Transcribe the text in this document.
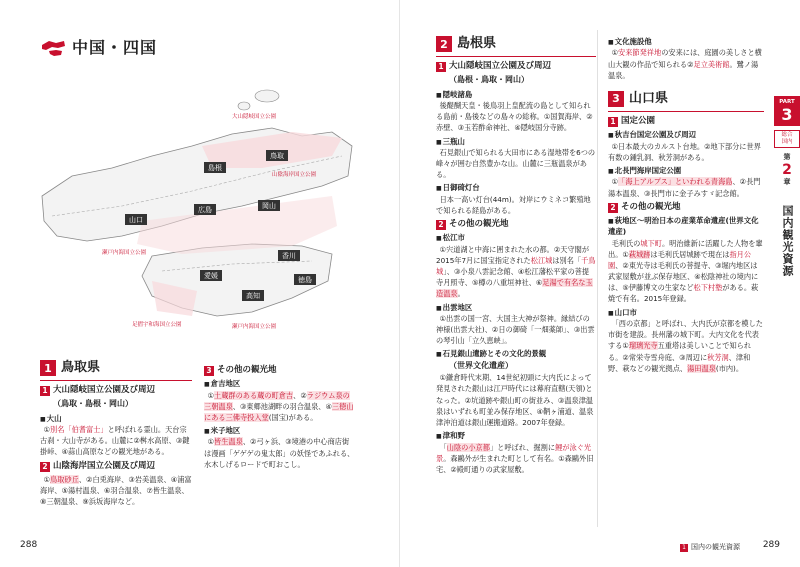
中国・四国
鳥取
島根
岡山
広島
山口
香川
徳島
愛媛
高知
大山隠岐国立公園
山陰海岸国立公園
瀬戸内海国立公園
足摺宇和海国立公園	瀬戸内海国立公園
1 鳥取県
1 大山隠岐国立公園及び周辺
（鳥取・島根・岡山）
■ 大山

①別名「伯耆富士」と呼ばれる霊山。天台宗古刹・大山寺がある。山麓に②桝水高原、③鍵掛峠、④蒜山高原などの観光地がある。

2 山陰海岸国立公園及び周辺

①鳥取砂丘、②白兎海岸、③岩美温泉、④浦富海岸、⑤湯村温泉、⑥羽合温泉、⑦皆生温泉、⑧三朝温泉、⑨浜坂海岸など。

3 その他の観光地
■ 倉吉地区

①土蔵群のある蔵の町倉吉、②ラジウム泉の三朝温泉、③東郷池湖畔の羽合温泉、④三徳山にある三佛寺投入堂(国宝)がある。

■ 米子地区

①皆生温泉、②弓ヶ浜、③境港の中心商店街は漫画「ゲゲゲの鬼太郎」の妖怪であふれる、水木しげるロードで町おこし。

288
2 島根県
1 大山隠岐国立公園及び周辺
（島根・鳥取・岡山）
■ 隠岐諸島

後醍醐天皇・後鳥羽上皇配流の島として知られる島前・島後などの島々の総称。①国賀海岸、②赤壁、③玉若酢命神社、④隠岐国分寺跡。

■ 三瓶山

石見銀山で知られる大田市にある湿地帯を6つの峰々が囲む自然豊かな山。山麓に三瓶温泉がある。

■ 日御碕灯台

日本一高い灯台(44m)。対岸にウミネコ繁殖地で知られる経島がある。

2 その他の観光地
■ 松江市

①宍道湖と中海に囲まれた水の都。②天守閣が2015年7月に国宝指定された松江城は別名「千鳥城」、③小泉八雲記念館、④松江藩松平家の菩提寺月照寺、⑤樽の八重垣神社、⑥足湯で有名な玉造温泉。

■ 出雲地区

①出雲の国一宮、大国主大神が祭神。縁結びの神様(出雲大社)、②日の御碕「一畑薬師」、③出雲の琴引山「立久恵峡」。

■ 石見銀山遺跡とその文化的景観
（世界文化遺産）

①鎌倉時代末期、14世紀初頭に大内氏によって発見された銀山は江戸時代には幕府直轄(天領)となった。②坑道跡や銀山町の街並み、③温泉津温泉はいずれも町並み保存地区、④鞆ヶ浦道、温泉津沖泊道は銀山運搬道路。2007年登録。

■ 津和野

「山陰の小京都」と呼ばれ、掘割に鯉が泳ぐ光景。森鷗外が生まれた町として有名。①森鷗外旧宅、②殿町通りの武家屋敷。

■ 文化施設他

①安来節発祥地の安来には、庭園の美しさと横山大観の作品で知られる②足立美術館。鷺ノ湯温泉。

3 山口県
1 国定公園
■ 秋吉台国定公園及び周辺

①日本最大のカルスト台地。②地下部分に世界有数の鍾乳洞、秋芳洞がある。

■ 北長門海岸国定公園

①「海上アルプス」といわれる青海島、②長門湯本温泉、③長門市に金子みすゞ記念館。

2 その他の観光地
■ 萩地区～明治日本の産業革命遺産(世界文化遺産)

毛利氏の城下町。明治維新に活躍した人物を輩出。①萩城跡は毛利氏居城跡で現在は指月公園、②東光寺は毛利氏の菩提寺、③堀内地区は武家屋敷が並ぶ保存地区、④松陰神社の境内には、⑤伊藤博文の生家など松下村塾がある。萩焼で有名。2015年登録。

■ 山口市

「西の京都」と呼ばれ、大内氏が京都を模した市街を建設。長州藩の城下町。大内文化を代表する①瑠璃光寺五重塔は美しいことで知られる。②常栄寺雪舟庭、③周辺に秋芳洞、津和野、萩などの観光拠点、湯田温泉(市内)。

PART
3
総合
国内
第
2
章
国内観光資源
1 国内の観光資源	289
